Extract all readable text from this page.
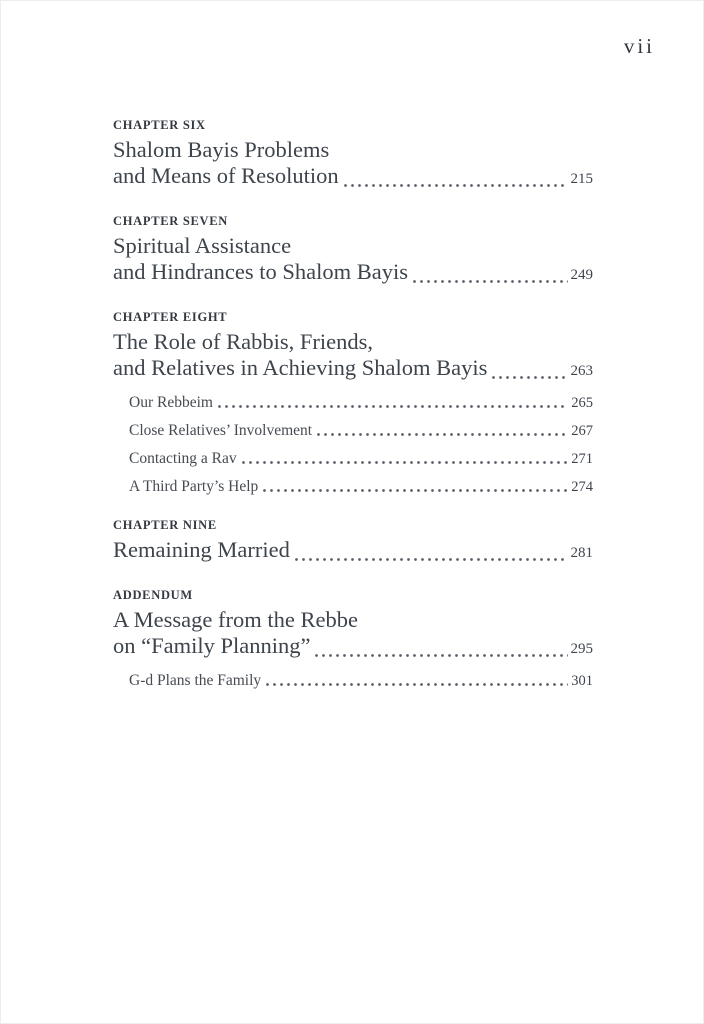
vii
CHAPTER SIX
Shalom Bayis Problems
and Means of Resolution	215
CHAPTER SEVEN
Spiritual Assistance
and Hindrances to Shalom Bayis	249
CHAPTER EIGHT
The Role of Rabbis, Friends,
and Relatives in Achieving Shalom Bayis	263
Our Rebbeim	265
Close Relatives’ Involvement	267
Contacting a Rav	271
A Third Party’s Help	274
CHAPTER NINE
Remaining Married	281
ADDENDUM
A Message from the Rebbe
on “Family Planning”	295
G-d Plans the Family	301
